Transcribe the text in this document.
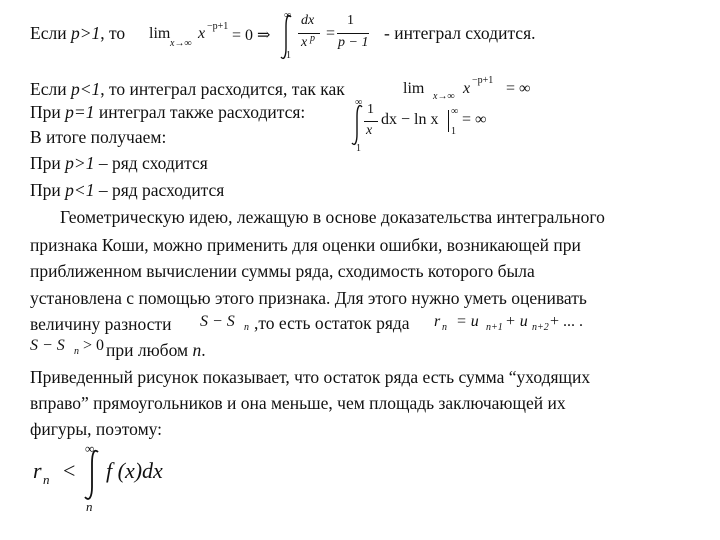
Если p>1, то lim
x→∞
x −p+1
= 0 ⇒
∞
1
dx
x p =
1
p − 1 - интеграл сходится.
Если p<1, то интеграл расходится, так как	lim x→∞ x −p+1 = ∞
При p=1 интеграл также расходится:	∞
1
1
x
dx − ln x ∞
1
= ∞
В итоге получаем:
При p>1 – ряд сходится
При p<1 – ряд расходится
Геометрическую идею, лежащую в основе доказательства интегрального
признака Коши, можно применить для оценки ошибки, возникающей при
приближенном вычислении суммы ряда, сходимость которого была
установлена с помощью этого признака. Для этого нужно уметь оценивать
величину разности S − S n ,то есть остаток ряда r n = u n+1 + u n+2 + ... .
S − S n > 0 при любом n.
Приведенный рисунок показывает, что остаток ряда есть сумма “уходящих
вправо” прямоугольников и она меньше, чем площадь заключающей их
фигуры, поэтому:
r n <
∞
n
f (x)dx
